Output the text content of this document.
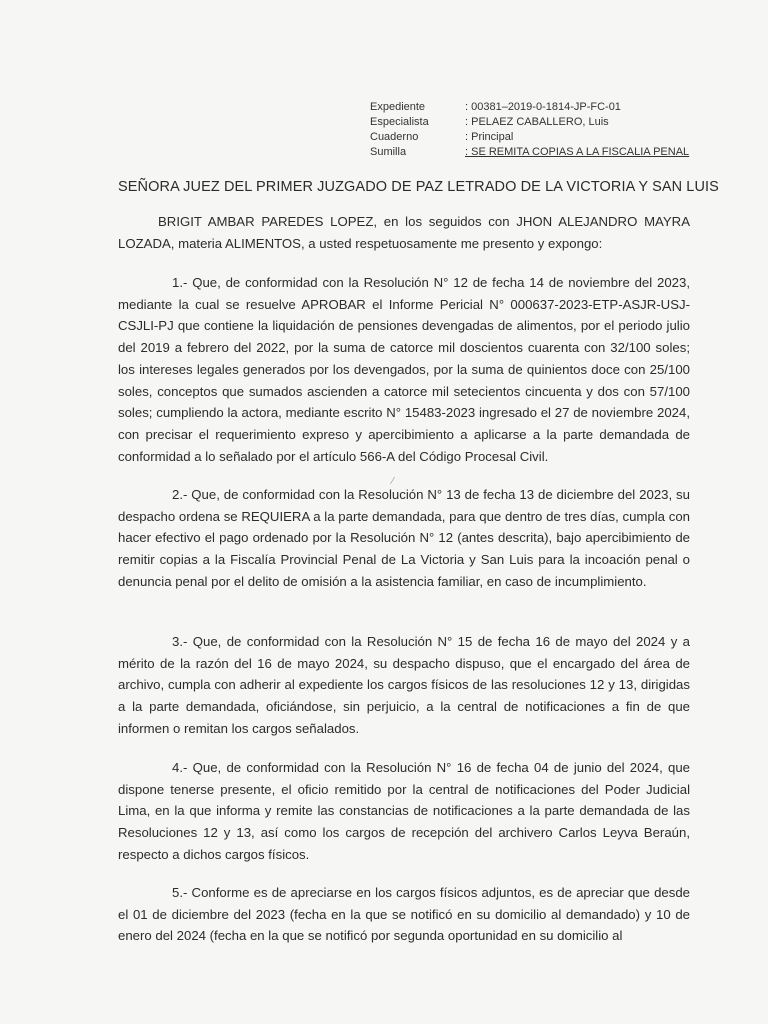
Expediente	: 00381–2019-0-1814-JP-FC-01
Especialista	: PELAEZ CABALLERO, Luis
Cuaderno	: Principal
Sumilla	: SE REMITA COPIAS A LA FISCALIA PENAL
SEÑORA JUEZ DEL PRIMER JUZGADO DE PAZ LETRADO DE LA VICTORIA Y SAN LUIS

BRIGIT AMBAR PAREDES LOPEZ, en los seguidos con JHON ALEJANDRO MAYRA LOZADA, materia ALIMENTOS, a usted respetuosamente me presento y expongo:

1.- Que, de conformidad con la Resolución N° 12 de fecha 14 de noviembre del 2023, mediante la cual se resuelve APROBAR el Informe Pericial N° 000637-2023-ETP-ASJR-USJ-CSJLI-PJ que contiene la liquidación de pensiones devengadas de alimentos, por el periodo julio del 2019 a febrero del 2022, por la suma de catorce mil doscientos cuarenta con 32/100 soles; los intereses legales generados por los devengados, por la suma de quinientos doce con 25/100 soles, conceptos que sumados ascienden a catorce mil setecientos cincuenta y dos con 57/100 soles; cumpliendo la actora, mediante escrito N° 15483-2023 ingresado el 27 de noviembre 2024, con precisar el requerimiento expreso y apercibimiento a aplicarse a la parte demandada de conformidad a lo señalado por el artículo 566-A del Código Procesal Civil.

⁄

2.- Que, de conformidad con la Resolución N° 13 de fecha 13 de diciembre del 2023, su despacho ordena se REQUIERA a la parte demandada, para que dentro de tres días, cumpla con hacer efectivo el pago ordenado por la Resolución N° 12 (antes descrita), bajo apercibimiento de remitir copias a la Fiscalía Provincial Penal de La Victoria y San Luis para la incoación penal o denuncia penal por el delito de omisión a la asistencia familiar, en caso de incumplimiento.

3.- Que, de conformidad con la Resolución N° 15 de fecha 16 de mayo del 2024 y a mérito de la razón del 16 de mayo 2024, su despacho dispuso, que el encargado del área de archivo, cumpla con adherir al expediente los cargos físicos de las resoluciones 12 y 13, dirigidas a la parte demandada, oficiándose, sin perjuicio, a la central de notificaciones a fin de que informen o remitan los cargos señalados.

4.- Que, de conformidad con la Resolución N° 16 de fecha 04 de junio del 2024, que dispone tenerse presente, el oficio remitido por la central de notificaciones del Poder Judicial Lima, en la que informa y remite las constancias de notificaciones a la parte demandada de las Resoluciones 12 y 13, así como los cargos de recepción del archivero Carlos Leyva Beraún, respecto a dichos cargos físicos.

5.- Conforme es de apreciarse en los cargos físicos adjuntos, es de apreciar que desde el 01 de diciembre del 2023 (fecha en la que se notificó en su domicilio al demandado) y 10 de enero del 2024 (fecha en la que se notificó por segunda oportunidad en su domicilio al
